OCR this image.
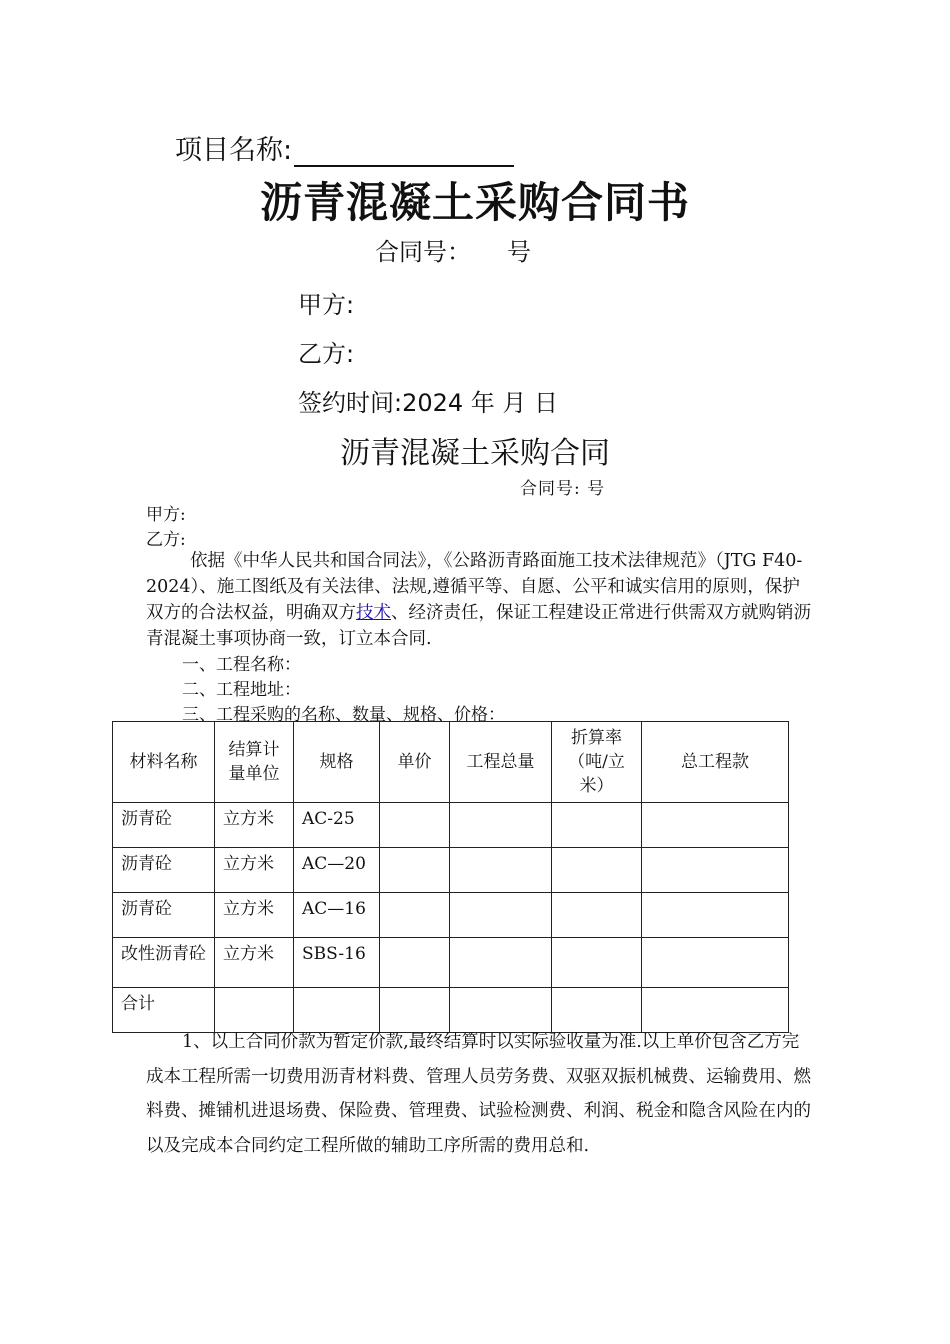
项目名称:
沥青混凝土采购合同书
合同号：　　号
甲方:
乙方:
签约时间:2024 年 月 日
沥青混凝土采购合同
合同号: 号
甲方:
乙方:
依据《中华人民共和国合同法》，《公路沥青路面施工技术法律规范》（JTG F40-2024）、施工图纸及有关法律、法规,遵循平等、自愿、公平和诚实信用的原则，保护双方的合法权益，明确双方技术、经济责任，保证工程建设正常进行供需双方就购销沥青混凝土事项协商一致，订立本合同.
一、工程名称：
二、工程地址：
三、工程采购的名称、数量、规格、价格：
材料名称	结算计量单位	规格	单价	工程总量	折算率（吨/立米）	总工程款
沥青砼	立方米	AC-25				
沥青砼	立方米	AC—20				
沥青砼	立方米	AC—16				
改性沥青砼	立方米	SBS-16				
合计						
1、以上合同价款为暂定价款,最终结算时以实际验收量为准.以上单价包含乙方完成本工程所需一切费用沥青材料费、管理人员劳务费、双驱双振机械费、运输费用、燃料费、摊铺机进退场费、保险费、管理费、试验检测费、利润、税金和隐含风险在内的以及完成本合同约定工程所做的辅助工序所需的费用总和.
